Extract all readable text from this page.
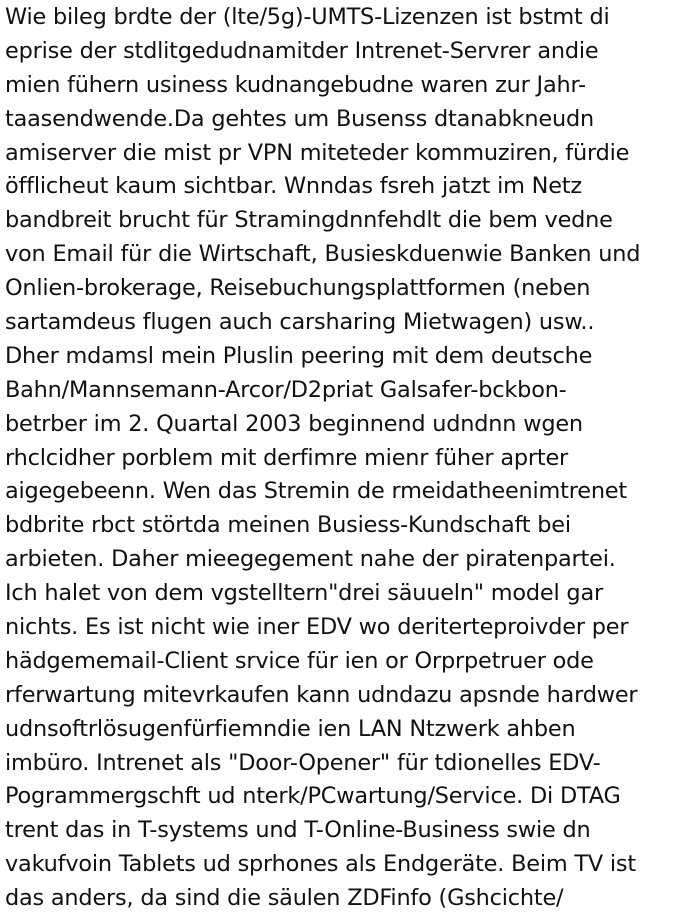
Wie bileg brdte der (lte/5g)-UMTS-Lizenzen ist bstmt di
eprise der stdlitgedudnamitder Intrenet-Servrer andie
mien fühern usiness kudnangebudne waren zur Jahr-
taasendwende.Da gehtes um Busenss dtanabkneudn
amiserver die mist pr VPN miteteder kommuziren, fürdie
öfflicheut kaum sichtbar. Wnndas fsreh jatzt im Netz
bandbreit brucht für Stramingdnnfehdlt die bem vedne
von Email für die Wirtschaft, Busieskduenwie Banken und
Onlien-brokerage, Reisebuchungsplattformen (neben
sartamdeus flugen auch carsharing Mietwagen) usw..
Dher mdamsl mein Pluslin peering mit dem deutsche
Bahn/Mannsemann-Arcor/D2priat Galsafer-bckbon-
betrber im 2. Quartal 2003 beginnend udndnn wgen
rhclcidher porblem mit derfimre mienr füher aprter
aigegebeenn. Wen das Stremin de rmeidatheenimtrenet
bdbrite rbct störtda meinen Busiess-Kundschaft bei
arbieten. Daher mieegegement nahe der piratenpartei.
Ich halet von dem vgstelltern"drei säuueln" model gar
nichts. Es ist nicht wie iner EDV wo deriterteproivder per
hädgememail-Client srvice für ien or Orprpetruer ode
rferwartung mitevrkaufen kann udndazu apsnde hardwer
udnsoftrlösugenfürfiemndie ien LAN Ntzwerk ahben
imbüro. Intrenet als "Door-Opener" für tdionelles EDV-
Pogrammergschft ud nterk/PCwartung/Service. Di DTAG
trent das in T-systems und T-Online-Business swie dn
vakufvoin Tablets ud sprhones als Endgeräte. Beim TV ist
das anders, da sind die säulen ZDFinfo (Gshcichte/
